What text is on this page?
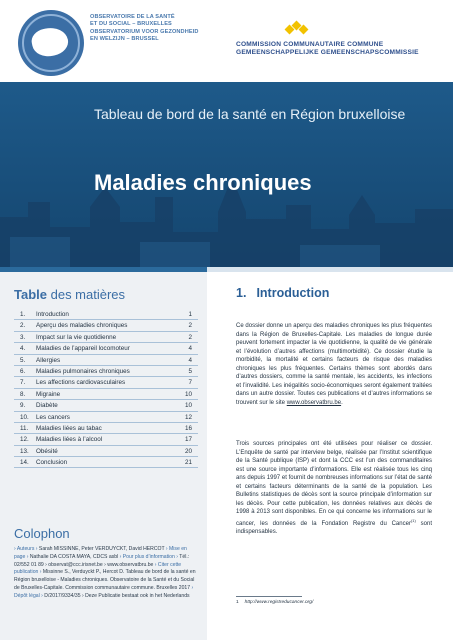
OBSERVATOIRE DE LA SANTÉ
ET DU SOCIAL – BRUXELLES
OBSERVATORIUM VOOR GEZONDHEID
EN WELZIJN – BRUSSEL
COMMISSION COMMUNAUTAIRE COMMUNE
GEMEENSCHAPPELIJKE GEMEENSCHAPSCOMMISSIE
Tableau de bord de la santé en Région bruxelloise
Maladies chroniques
Table des matières
1. Introduction	1
2. Aperçu des maladies chroniques	2
3. Impact sur la vie quotidienne	2
4. Maladies de l’appareil locomoteur	4
5. Allergies	4
6. Maladies pulmonaires chroniques	5
7. Les affections cardiovasculaires	7
8. Migraine	10
9. Diabète	10
10. Les cancers	12
11. Maladies liées au tabac	16
12. Maladies liées à l’alcool	17
13. Obésité	20
14. Conclusion	21
Colophon
› Auteurs › Sarah MISSINNE, Peter VERDUYCKT, David HERCOT › Mise en page › Nathalie DA COSTA MAYA, CDCS asbl › Pour plus d’information › Tél.: 02/552 01 89 › observat@ccc.irisnet.be › www.observatbru.be › Citer cette publication › Missinne S., Verduyckt P., Hercot D. Tableau de bord de la santé en Région bruxelloise - Maladies chroniques. Observatoire de la Santé et du Social de Bruxelles-Capitale. Commission communautaire commune. Bruxelles 2017 › Dépôt légal › D/2017/9334/35 › Deze Publicatie bestaat ook in het Nederlands
1. Introduction
Ce dossier donne un aperçu des maladies chroniques les plus fréquentes dans la Région de Bruxelles-Capitale. Les maladies de longue durée peuvent fortement impacter la vie quotidienne, la qualité de vie générale et l’évolution d’autres affections (multimorbidité). Ce dossier étudie la morbidité, la mortalité et certains facteurs de risque des maladies chroniques les plus fréquentes. Certains thèmes sont abordés dans d’autres dossiers, comme la santé mentale, les accidents, les infections et l’invalidité. Les inégalités socio-économiques seront également traitées dans un autre dossier. Toutes ces publications et d’autres informations se trouvent sur le site www.observatbru.be.
Trois sources principales ont été utilisées pour réaliser ce dossier. L’Enquête de santé par interview belge, réalisée par l’Institut scientifique de la Santé publique (ISP) et dont la CCC est l’un des commanditaires est une source importante d’informations. Elle est réalisée tous les cinq ans depuis 1997 et fournit de nombreuses informations sur l’état de santé et certains facteurs déterminants de la santé de la population. Les Bulletins statistiques de décès sont la source principale d’information sur les décès. Pour cette publication, les données relatives aux décès de 1998 à 2013 sont disponibles. En ce qui concerne les informations sur le cancer, les données de la Fondation Registre du Cancer$^{(1)}$ sont indispensables.
1 http://www.registreducancer.org/
